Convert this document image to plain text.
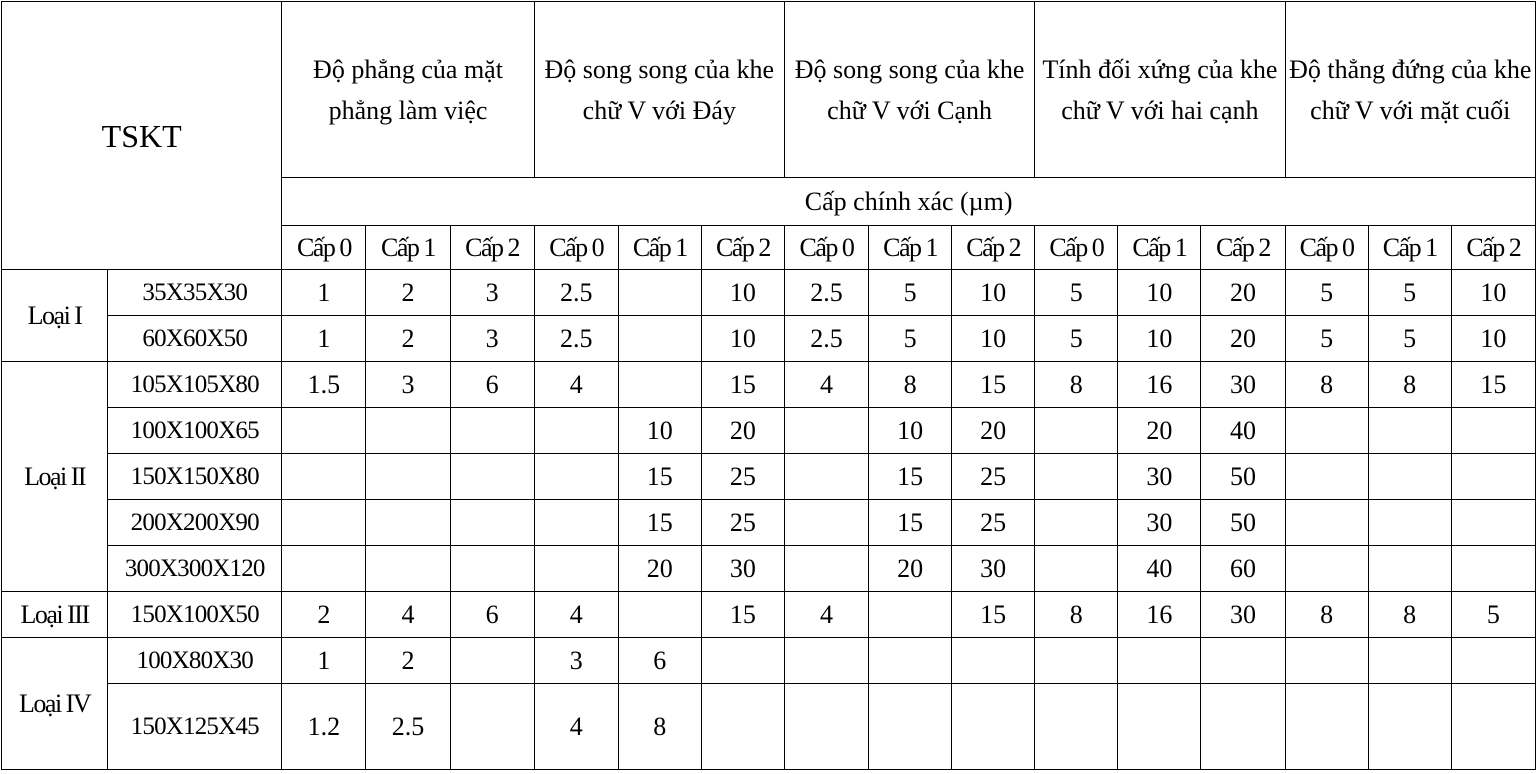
TSKT		Độ phẳng của mặt phẳng làm việc			Độ song song của khe chữ V với Đáy			Độ song song của khe chữ V với Cạnh			Tính đối xứng của khe chữ V với hai cạnh			Độ thẳng đứng của khe chữ V với mặt cuối		
		Cấp chính xác (µm)														
		Cấp 0	Cấp 1	Cấp 2	Cấp 0	Cấp 1	Cấp 2	Cấp 0	Cấp 1	Cấp 2	Cấp 0	Cấp 1	Cấp 2	Cấp 0	Cấp 1	Cấp 2
Loại I	35X35X30	1	2	3	2.5		10	2.5	5	10	5	10	20	5	5	10
	60X60X50	1	2	3	2.5		10	2.5	5	10	5	10	20	5	5	10
Loại II	105X105X80	1.5	3	6	4		15	4	8	15	8	16	30	8	8	15
	100X100X65					10	20		10	20		20	40			
	150X150X80					15	25		15	25		30	50			
	200X200X90					15	25		15	25		30	50			
	300X300X120					20	30		20	30		40	60			
Loại III	150X100X50	2	4	6	4		15	4		15	8	16	30	8	8	5
Loại IV	100X80X30	1	2		3	6										
	150X125X45	1.2	2.5		4	8										
